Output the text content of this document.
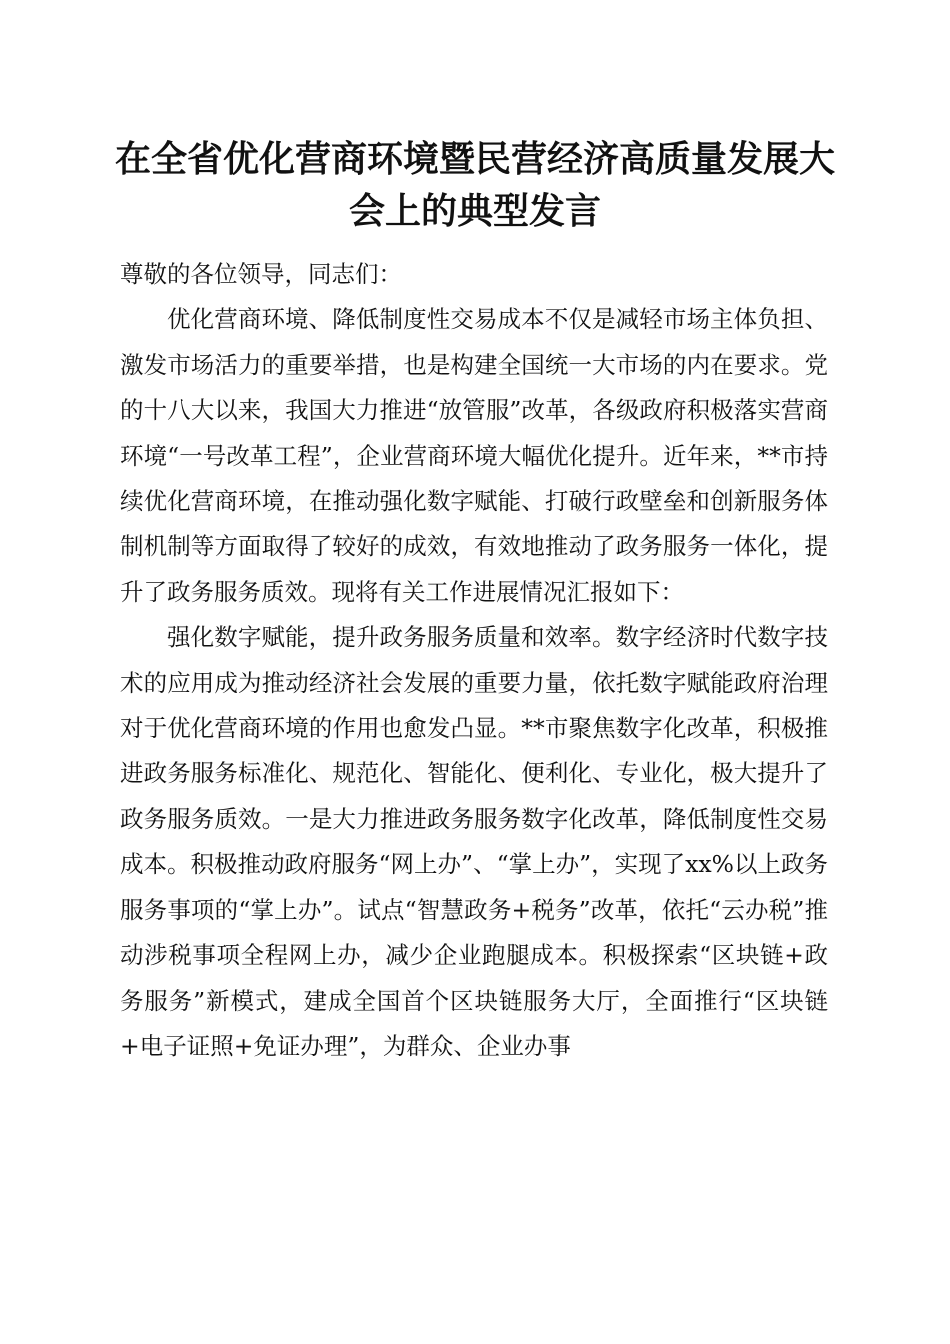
在全省优化营商环境暨民营经济高质量发展大会上的典型发言

尊敬的各位领导，同志们：

优化营商环境、降低制度性交易成本不仅是减轻市场主体负担、激发市场活力的重要举措，也是构建全国统一大市场的内在要求。党的十八大以来，我国大力推进“放管服”改革，各级政府积极落实营商环境“一号改革工程”，企业营商环境大幅优化提升。近年来，**市持续优化营商环境，在推动强化数字赋能、打破行政壁垒和创新服务体制机制等方面取得了较好的成效，有效地推动了政务服务一体化，提升了政务服务质效。现将有关工作进展情况汇报如下：

强化数字赋能，提升政务服务质量和效率。数字经济时代数字技术的应用成为推动经济社会发展的重要力量，依托数字赋能政府治理对于优化营商环境的作用也愈发凸显。**市聚焦数字化改革，积极推进政务服务标准化、规范化、智能化、便利化、专业化，极大提升了政务服务质效。一是大力推进政务服务数字化改革，降低制度性交易成本。积极推动政府服务“网上办”、“掌上办”，实现了xx%以上政务服务事项的“掌上办”。试点“智慧政务+税务”改革，依托“云办税”推动涉税事项全程网上办，减少企业跑腿成本。积极探索“区块链+政务服务”新模式，建成全国首个区块链服务大厅，全面推行“区块链+电子证照+免证办理”，为群众、企业办事
